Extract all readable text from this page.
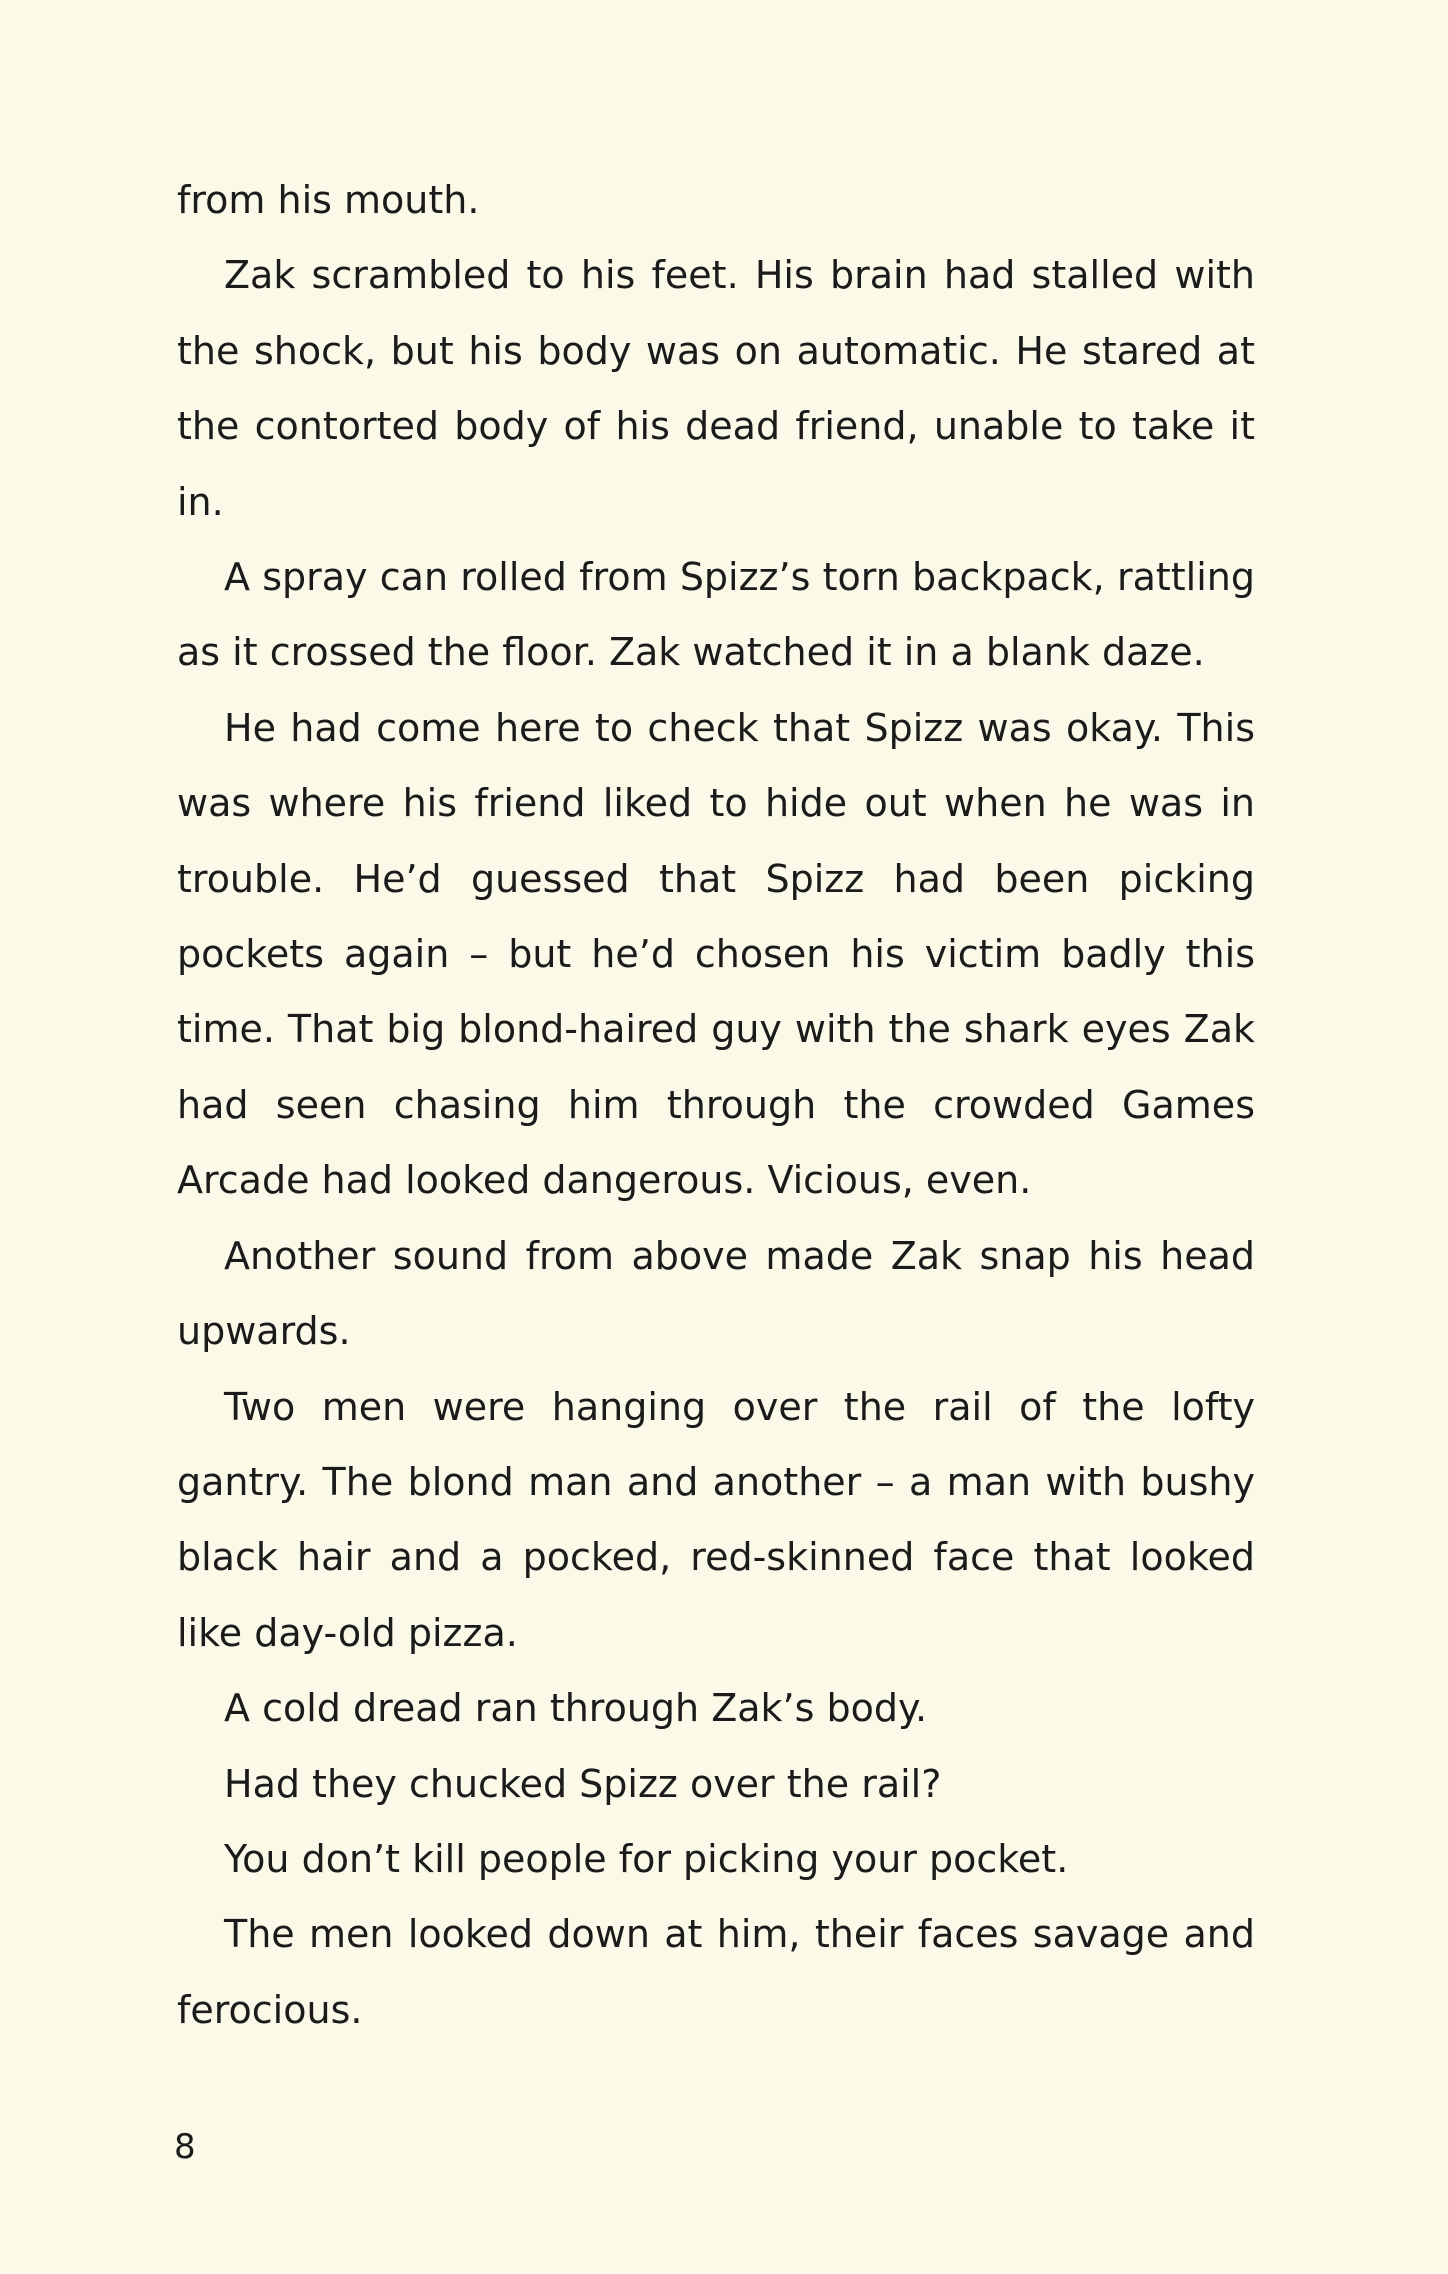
from his mouth.

Zak scrambled to his feet. His brain had stalled with the shock, but his body was on automatic. He stared at the contorted body of his dead friend, unable to take it in.

A spray can rolled from Spizz’s torn backpack, rattling as it crossed the floor. Zak watched it in a blank daze.

He had come here to check that Spizz was okay. This was where his friend liked to hide out when he was in trouble. He’d guessed that Spizz had been picking pockets again – but he’d chosen his victim badly this time. That big blond-haired guy with the shark eyes Zak had seen chasing him through the crowded Games Arcade had looked dangerous. Vicious, even.

Another sound from above made Zak snap his head upwards.

Two men were hanging over the rail of the lofty gantry. The blond man and another – a man with bushy black hair and a pocked, red-skinned face that looked like day-old pizza.

A cold dread ran through Zak’s body.

Had they chucked Spizz over the rail?

You don’t kill people for picking your pocket.

The men looked down at him, their faces savage and ferocious.

8
